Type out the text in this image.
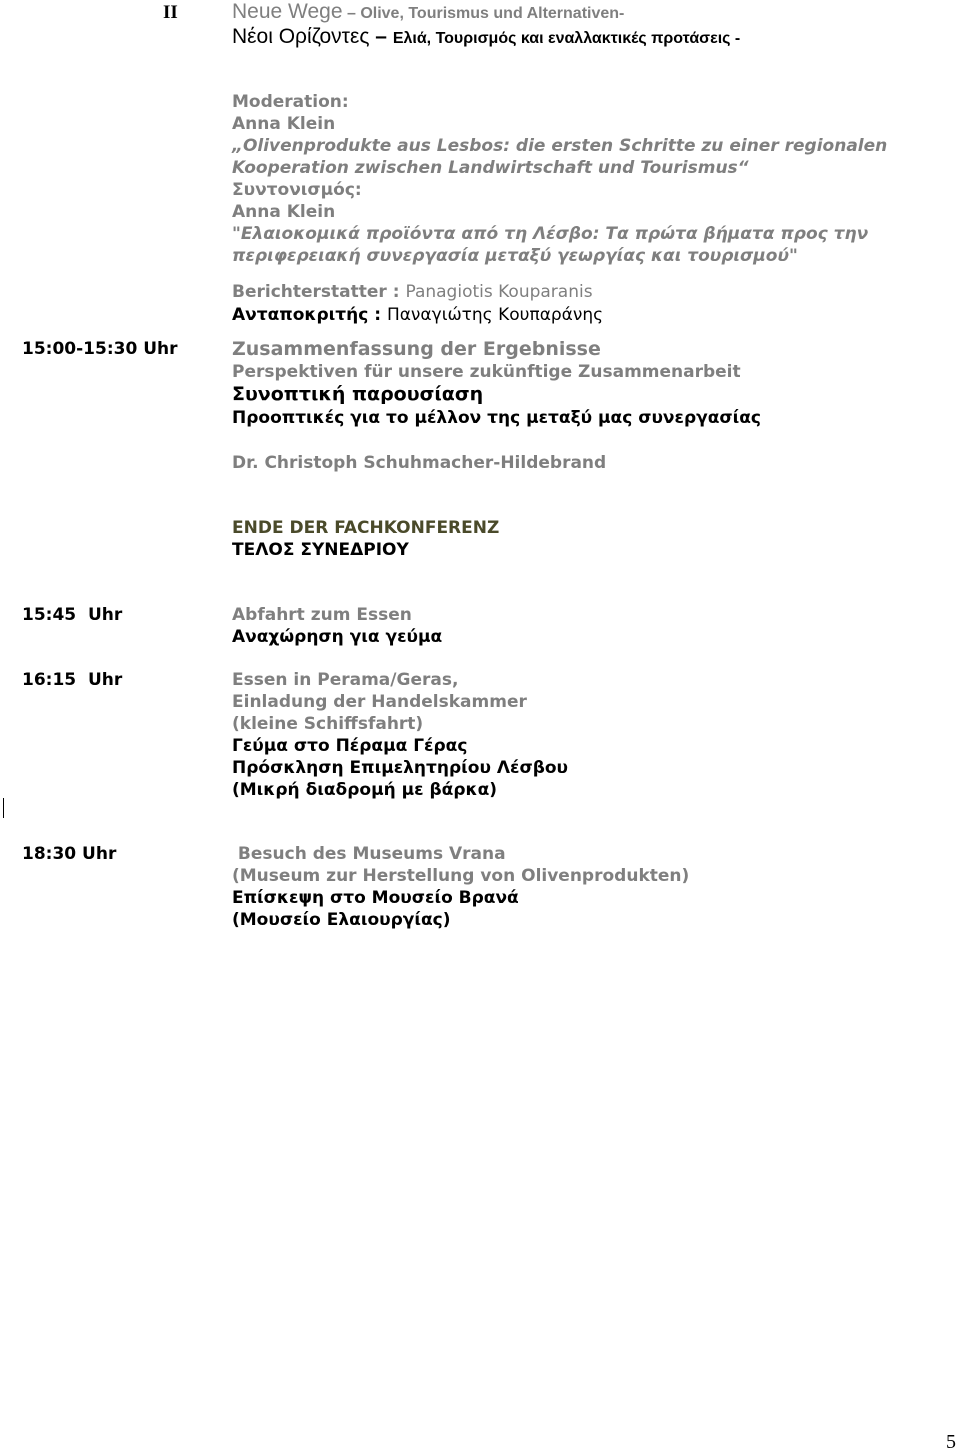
II	Neue Wege – Olive, Tourismus und Alternativen-
Νέοι Ορίζοντες – Ελιά, Τουρισμός και εναλλακτικές προτάσεις -
Moderation:
Anna Klein
„Olivenprodukte aus Lesbos: die ersten Schritte zu einer regionalen
Kooperation zwischen Landwirtschaft und Tourismus“
Συντονισμός:
Anna Klein
"Ελαιοκομικά προϊόντα από τη Λέσβο: Τα πρώτα βήματα προς την
περιφερειακή συνεργασία μεταξύ γεωργίας και τουρισμού"
Berichterstatter : Panagiotis Kouparanis
Ανταποκριτής : Παναγιώτης Κουπαράνης
15:00-15:30 Uhr	Zusammenfassung der Ergebnisse
Perspektiven für unsere zukünftige Zusammenarbeit
Συνοπτική παρουσίαση
Προοπτικές για το μέλλον της μεταξύ μας συνεργασίας
Dr. Christoph Schuhmacher-Hildebrand
ENDE DER FACHKONFERENZ
ΤΕΛΟΣ ΣΥΝΕΔΡΙΟΥ
15:45  Uhr	Abfahrt zum Essen
Αναχώρηση για γεύμα
16:15  Uhr	Essen in Perama/Geras,
Einladung der Handelskammer
(kleine Schiffsfahrt)
Γεύμα στο Πέραμα Γέρας
Πρόσκληση Επιμελητηρίου Λέσβου
(Μικρή διαδρομή με βάρκα)
18:30 Uhr	Besuch des Museums Vrana
(Museum zur Herstellung von Olivenprodukten)
Επίσκεψη στο Μουσείο Βρανά
(Μουσείο Ελαιουργίας)
5
